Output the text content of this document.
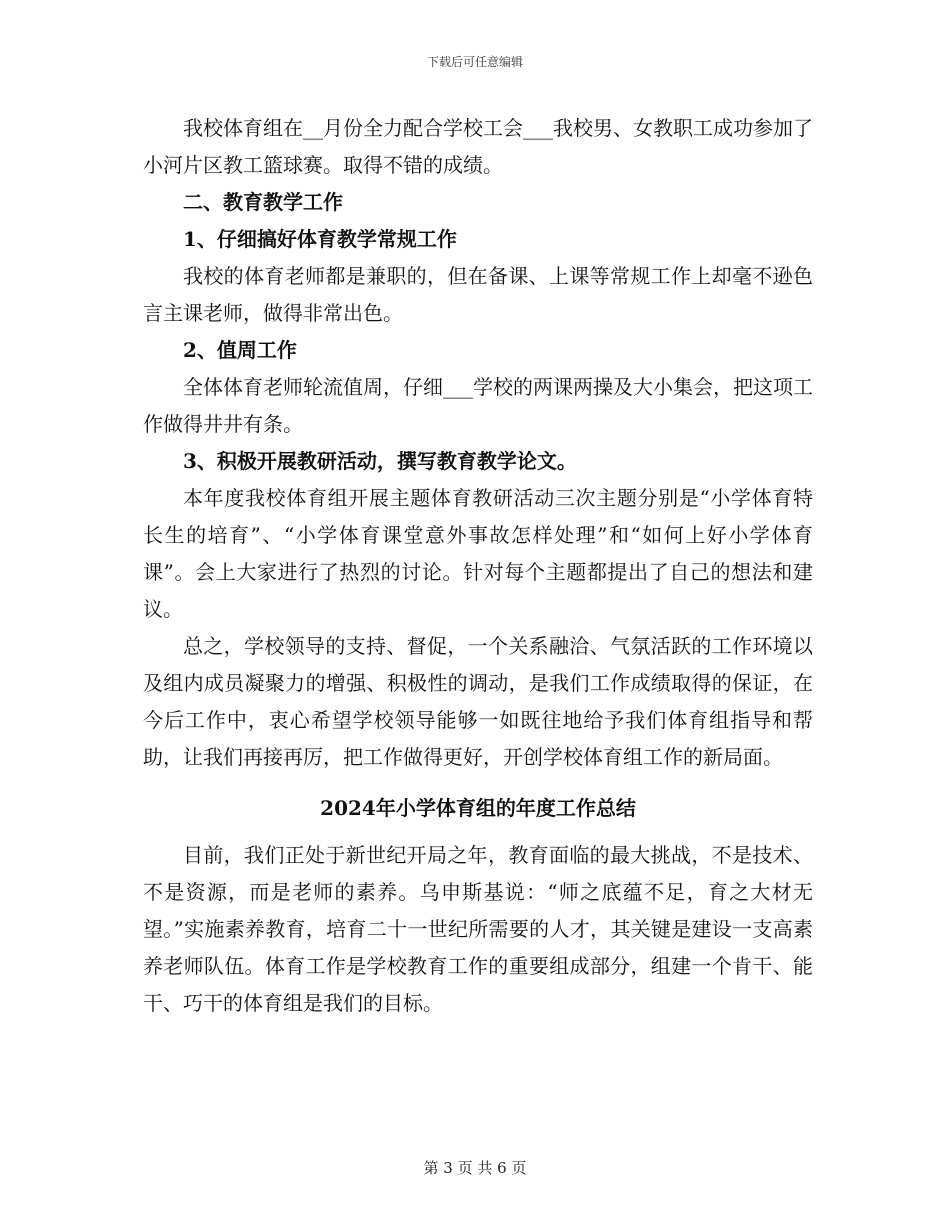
下载后可任意编辑

我校体育组在__月份全力配合学校工会___我校男、女教职工成功参加了小河片区教工篮球赛。取得不错的成绩。

二、教育教学工作

1、仔细搞好体育教学常规工作

我校的体育老师都是兼职的，但在备课、上课等常规工作上却毫不逊色言主课老师，做得非常出色。

2、值周工作

全体体育老师轮流值周，仔细___学校的两课两操及大小集会，把这项工作做得井井有条。

3、积极开展教研活动，撰写教育教学论文。

本年度我校体育组开展主题体育教研活动三次主题分别是“小学体育特长生的培育”、“小学体育课堂意外事故怎样处理”和“如何上好小学体育课”。会上大家进行了热烈的讨论。针对每个主题都提出了自己的想法和建议。

总之，学校领导的支持、督促，一个关系融洽、气氛活跃的工作环境以及组内成员凝聚力的增强、积极性的调动，是我们工作成绩取得的保证，在今后工作中，衷心希望学校领导能够一如既往地给予我们体育组指导和帮助，让我们再接再厉，把工作做得更好，开创学校体育组工作的新局面。

2024年小学体育组的年度工作总结

目前，我们正处于新世纪开局之年，教育面临的最大挑战，不是技术、不是资源，而是老师的素养。乌申斯基说：“师之底蕴不足，育之大材无望。”实施素养教育，培育二十一世纪所需要的人才，其关键是建设一支高素养老师队伍。体育工作是学校教育工作的重要组成部分，组建一个肯干、能干、巧干的体育组是我们的目标。

第 3 页 共 6 页
